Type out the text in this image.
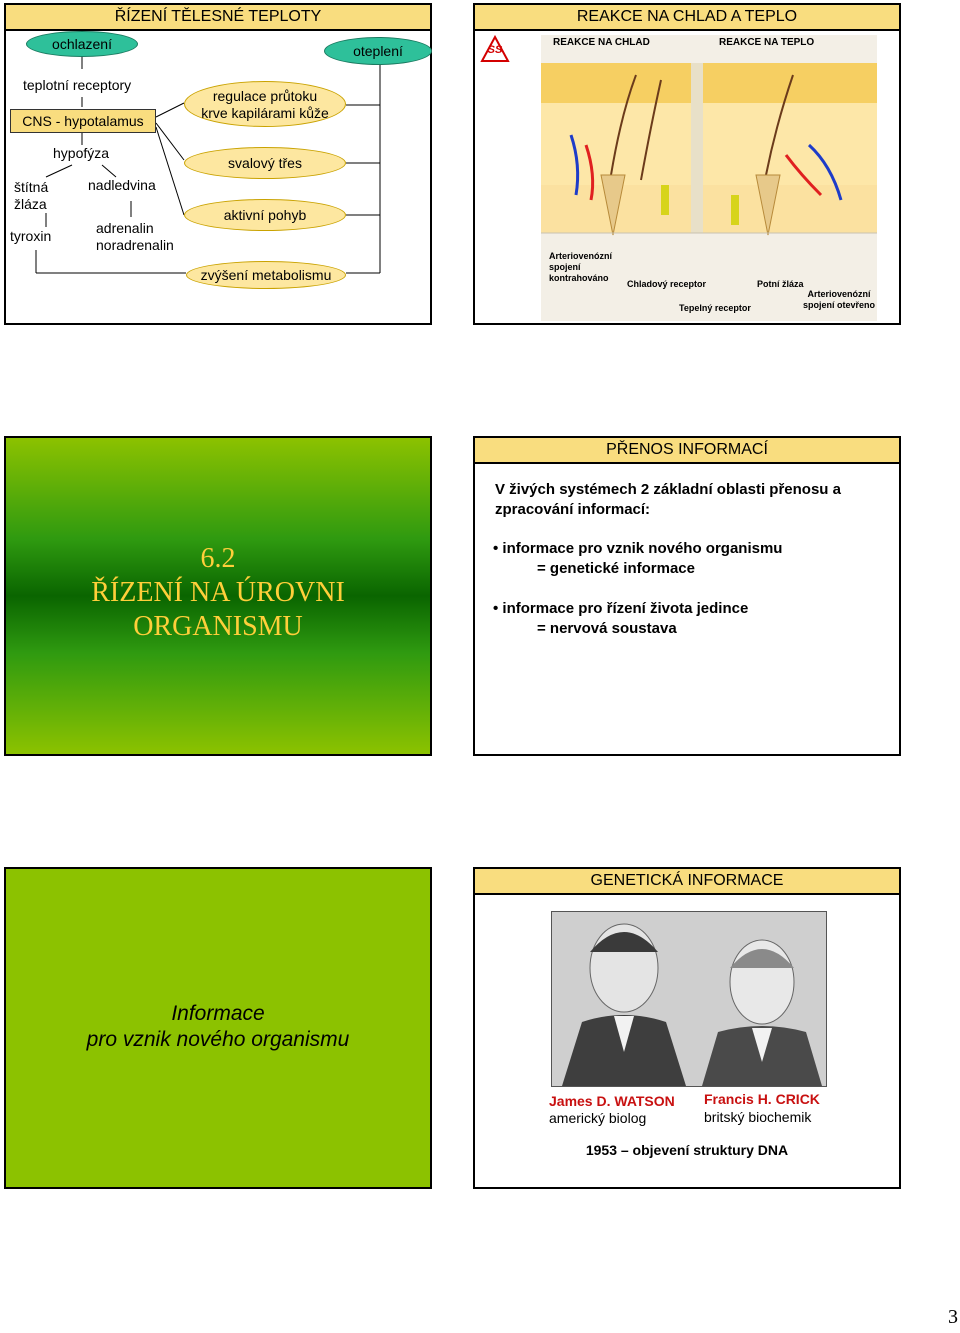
ŘÍZENÍ TĚLESNÉ TEPLOTY
ochlazení	oteplení
teplotní receptory
CNS - hypotalamus
regulace průtoku krve kapilárami kůže
hypofýza
štítná žláza
nadledvina
tyroxin	adrenalin noradrenalin
svalový třes
aktivní pohyb
zvýšení metabolismu
REAKCE NA CHLAD A TEPLO
SS
REAKCE NA CHLAD	REAKCE NA TEPLO
Arteriovenózní spojení kontrahováno
Chladový receptor	Potní žláza
Arteriovenózní spojení otevřeno
Tepelný receptor
6.2
ŘÍZENÍ NA ÚROVNI
ORGANISMU
PŘENOS INFORMACÍ
V živých systémech 2 základní oblasti přenosu a zpracování informací:
• informace pro vznik nového organismu
= genetické informace
• informace pro řízení života jedince
= nervová soustava
Informace
pro vznik nového organismu
GENETICKÁ INFORMACE
James D. WATSON
americký biolog
Francis H. CRICK
britský biochemik
1953 – objevení struktury DNA
3
